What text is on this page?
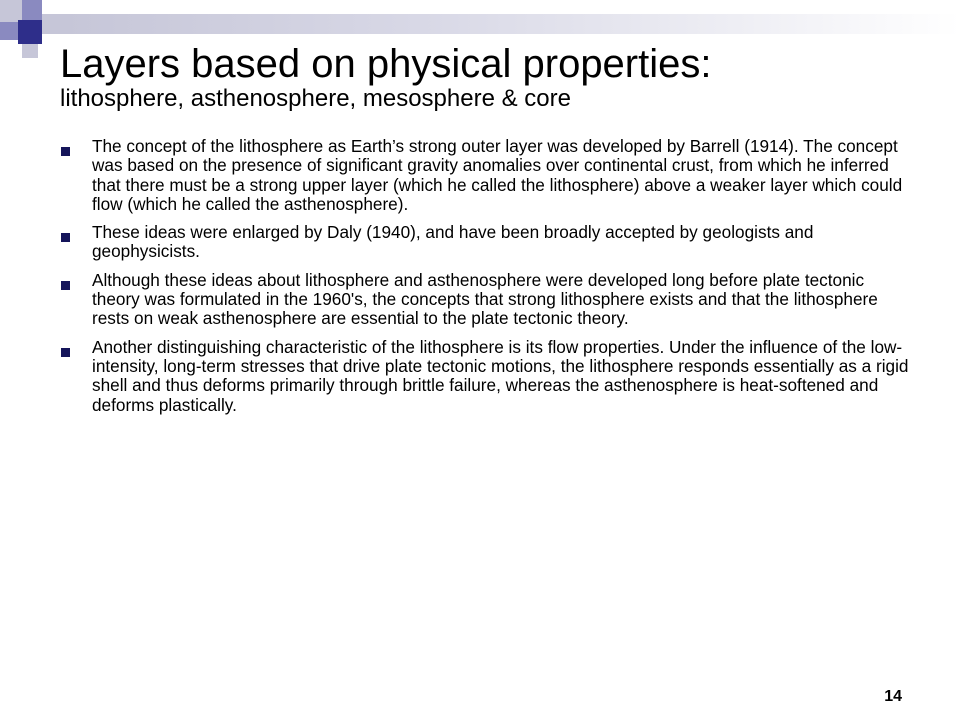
Layers based on physical properties:
lithosphere, asthenosphere, mesosphere & core
The concept of the lithosphere as Earth’s strong outer layer was developed by Barrell (1914). The concept was based on the presence of significant gravity anomalies over continental crust, from which he inferred that there must be a strong upper layer (which he called the lithosphere) above a weaker layer which could flow (which he called the asthenosphere).
These ideas were enlarged by Daly (1940), and have been broadly accepted by geologists and geophysicists.
Although these ideas about lithosphere and asthenosphere were developed long before plate tectonic theory was formulated in the 1960's, the concepts that strong lithosphere exists and that the lithosphere rests on weak asthenosphere are essential to the plate tectonic theory.
Another distinguishing characteristic of the lithosphere is its flow properties. Under the influence of the low-intensity, long-term stresses that drive plate tectonic motions, the lithosphere responds essentially as a rigid shell and thus deforms primarily through brittle failure, whereas the asthenosphere is heat-softened and deforms plastically.
14
